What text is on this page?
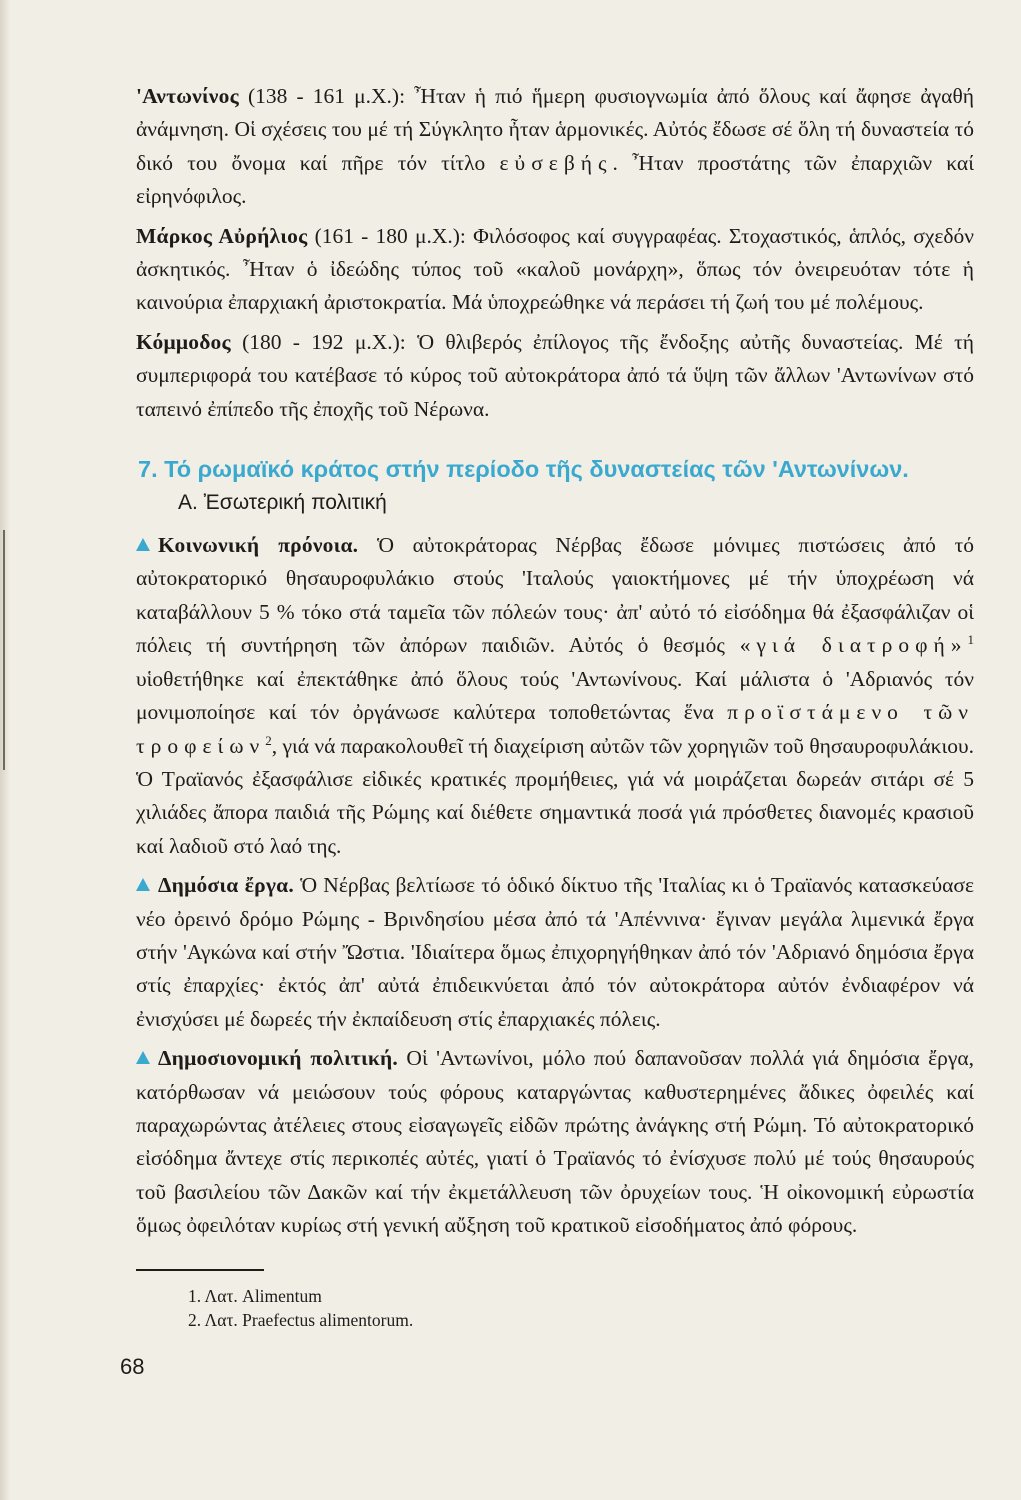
'Αντωνίνος (138 - 161 μ.Χ.): Ἦταν ἡ πιό ἥμερη φυσιογνωμία ἀπό ὅλους καί ἄφησε ἀγαθή ἀνάμνηση. Οἱ σχέσεις του μέ τή Σύγκλητο ἦταν ἁρμονικές. Αὐτός ἔδωσε σέ ὅλη τή δυναστεία τό δικό του ὄνομα καί πῆρε τόν τίτλο εὐσεβής. Ἦταν προστάτης τῶν ἐπαρχιῶν καί εἰρηνόφιλος.

Μάρκος Αὐρήλιος (161 - 180 μ.Χ.): Φιλόσοφος καί συγγραφέας. Στοχαστικός, ἁπλός, σχεδόν ἀσκητικός. Ἦταν ὁ ἰδεώδης τύπος τοῦ «καλοῦ μονάρχη», ὅπως τόν ὀνειρευόταν τότε ἡ καινούρια ἐπαρχιακή ἀριστοκρατία. Μά ὑποχρεώθηκε νά περάσει τή ζωή του μέ πολέμους.

Κόμμοδος (180 - 192 μ.Χ.): Ὁ θλιβερός ἐπίλογος τῆς ἔνδοξης αὐτῆς δυναστείας. Μέ τή συμπεριφορά του κατέβασε τό κύρος τοῦ αὐτοκράτορα ἀπό τά ὕψη τῶν ἄλλων 'Αντωνίνων στό ταπεινό ἐπίπεδο τῆς ἐποχῆς τοῦ Νέρωνα.

7. Τό ρωμαϊκό κράτος στήν περίοδο τῆς δυναστείας τῶν 'Αντωνίνων.
Α. Ἐσωτερική πολιτική

Κοινωνική πρόνοια. Ὁ αὐτοκράτορας Νέρβας ἔδωσε μόνιμες πιστώσεις ἀπό τό αὐτοκρατορικό θησαυροφυλάκιο στούς 'Ιταλούς γαιοκτήμονες μέ τήν ὑποχρέωση νά καταβάλλουν 5 % τόκο στά ταμεῖα τῶν πόλεών τους· ἀπ' αὐτό τό εἰσόδημα θά ἐξασφάλιζαν οἱ πόλεις τή συντήρηση τῶν ἀπόρων παιδιῶν. Αὐτός ὁ θεσμός «γιά διατροφή»$^1$ υἱοθετήθηκε καί ἐπεκτάθηκε ἀπό ὅλους τούς 'Αντωνίνους. Καί μάλιστα ὁ 'Αδριανός τόν μονιμοποίησε καί τόν ὀργάνωσε καλύτερα τοποθετώντας ἕνα προϊστάμενο τῶν τροφείων$^2$, γιά νά παρακολουθεῖ τή διαχείριση αὐτῶν τῶν χορηγιῶν τοῦ θησαυροφυλάκιου. Ὁ Τραϊανός ἐξασφάλισε εἰδικές κρατικές προμήθειες, γιά νά μοιράζεται δωρεάν σιτάρι σέ 5 χιλιάδες ἄπορα παιδιά τῆς Ρώμης καί διέθετε σημαντικά ποσά γιά πρόσθετες διανομές κρασιοῦ καί λαδιοῦ στό λαό της.

Δημόσια ἔργα. Ὁ Νέρβας βελτίωσε τό ὁδικό δίκτυο τῆς 'Ιταλίας κι ὁ Τραϊανός κατασκεύασε νέο ὀρεινό δρόμο Ρώμης - Βρινδησίου μέσα ἀπό τά 'Απέννινα· ἔγιναν μεγάλα λιμενικά ἔργα στήν 'Αγκώνα καί στήν Ὤστια. 'Ιδιαίτερα ὅμως ἐπιχορηγήθηκαν ἀπό τόν 'Αδριανό δημόσια ἔργα στίς ἐπαρχίες· ἐκτός ἀπ' αὐτά ἐπιδεικνύεται ἀπό τόν αὐτοκράτορα αὐτόν ἐνδιαφέρον νά ἐνισχύσει μέ δωρεές τήν ἐκπαίδευση στίς ἐπαρχιακές πόλεις.

Δημοσιονομική πολιτική. Οἱ 'Αντωνίνοι, μόλο πού δαπανοῦσαν πολλά γιά δημόσια ἔργα, κατόρθωσαν νά μειώσουν τούς φόρους καταργώντας καθυστερημένες ἄδικες ὀφειλές καί παραχωρώντας ἀτέλειες στους εἰσαγωγεῖς εἰδῶν πρώτης ἀνάγκης στή Ρώμη. Τό αὐτοκρατορικό εἰσόδημα ἄντεχε στίς περικοπές αὐτές, γιατί ὁ Τραϊανός τό ἐνίσχυσε πολύ μέ τούς θησαυρούς τοῦ βασιλείου τῶν Δακῶν καί τήν ἐκμετάλλευση τῶν ὀρυχείων τους. Ἡ οἰκονομική εὐρωστία ὅμως ὀφειλόταν κυρίως στή γενική αὔξηση τοῦ κρατικοῦ εἰσοδήματος ἀπό φόρους.

1. Λατ. Alimentum
2. Λατ. Praefectus alimentorum.
68
